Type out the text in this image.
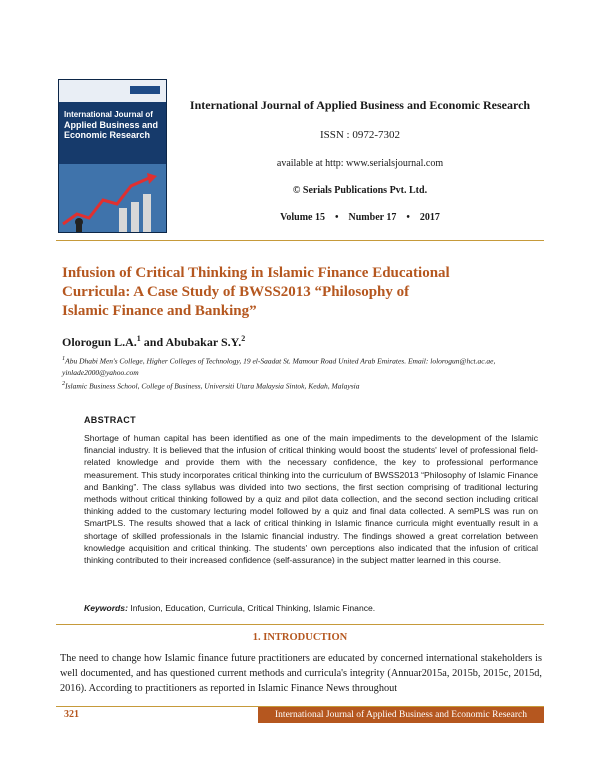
International Journal of
Applied Business and
Economic Research
International Journal of Applied Business and Economic Research
ISSN : 0972-7302
available at http: www.serialsjournal.com
© Serials Publications Pvt. Ltd.
Volume 15 • Number 17 • 2017
Infusion of Critical Thinking in Islamic Finance Educational
Curricula: A Case Study of BWSS2013 “Philosophy of
Islamic Finance and Banking”
Olorogun L.A.$^1$ and Abubakar S.Y.$^2$
$^1$Abu Dhabi Men's College, Higher Colleges of Technology, 19 el-Saadat St. Mamour Road United Arab Emirates. Email: lolorogun@hct.ac.ae, yinlade2000@yahoo.com
$^2$Islamic Business School, College of Business, Universiti Utara Malaysia Sintok, Kedah, Malaysia
ABSTRACT
Shortage of human capital has been identified as one of the main impediments to the development of the Islamic financial industry. It is believed that the infusion of critical thinking would boost the students' level of professional field-related knowledge and provide them with the necessary confidence, the key to professional performance measurement. This study incorporates critical thinking into the curriculum of BWSS2013 “Philosophy of Islamic Finance and Banking”. The class syllabus was divided into two sections, the first section comprising of traditional lecturing methods without critical thinking followed by a quiz and pilot data collection, and the second section including critical thinking added to the customary lecturing model followed by a quiz and final data collected. A semPLS was run on SmartPLS. The results showed that a lack of critical thinking in Islamic finance curricula might eventually result in a shortage of skilled professionals in the Islamic financial industry. The findings showed a great correlation between knowledge acquisition and critical thinking. The students' own perceptions also indicated that the infusion of critical thinking contributed to their increased confidence (self-assurance) in the subject matter learned in this course.
Keywords: Infusion, Education, Curricula, Critical Thinking, Islamic Finance.
1. INTRODUCTION
The need to change how Islamic finance future practitioners are educated by concerned international stakeholders is well documented, and has questioned current methods and curricula's integrity (Annuar2015a, 2015b, 2015c, 2015d, 2016). According to practitioners as reported in Islamic Finance News throughout
321	International Journal of Applied Business and Economic Research
